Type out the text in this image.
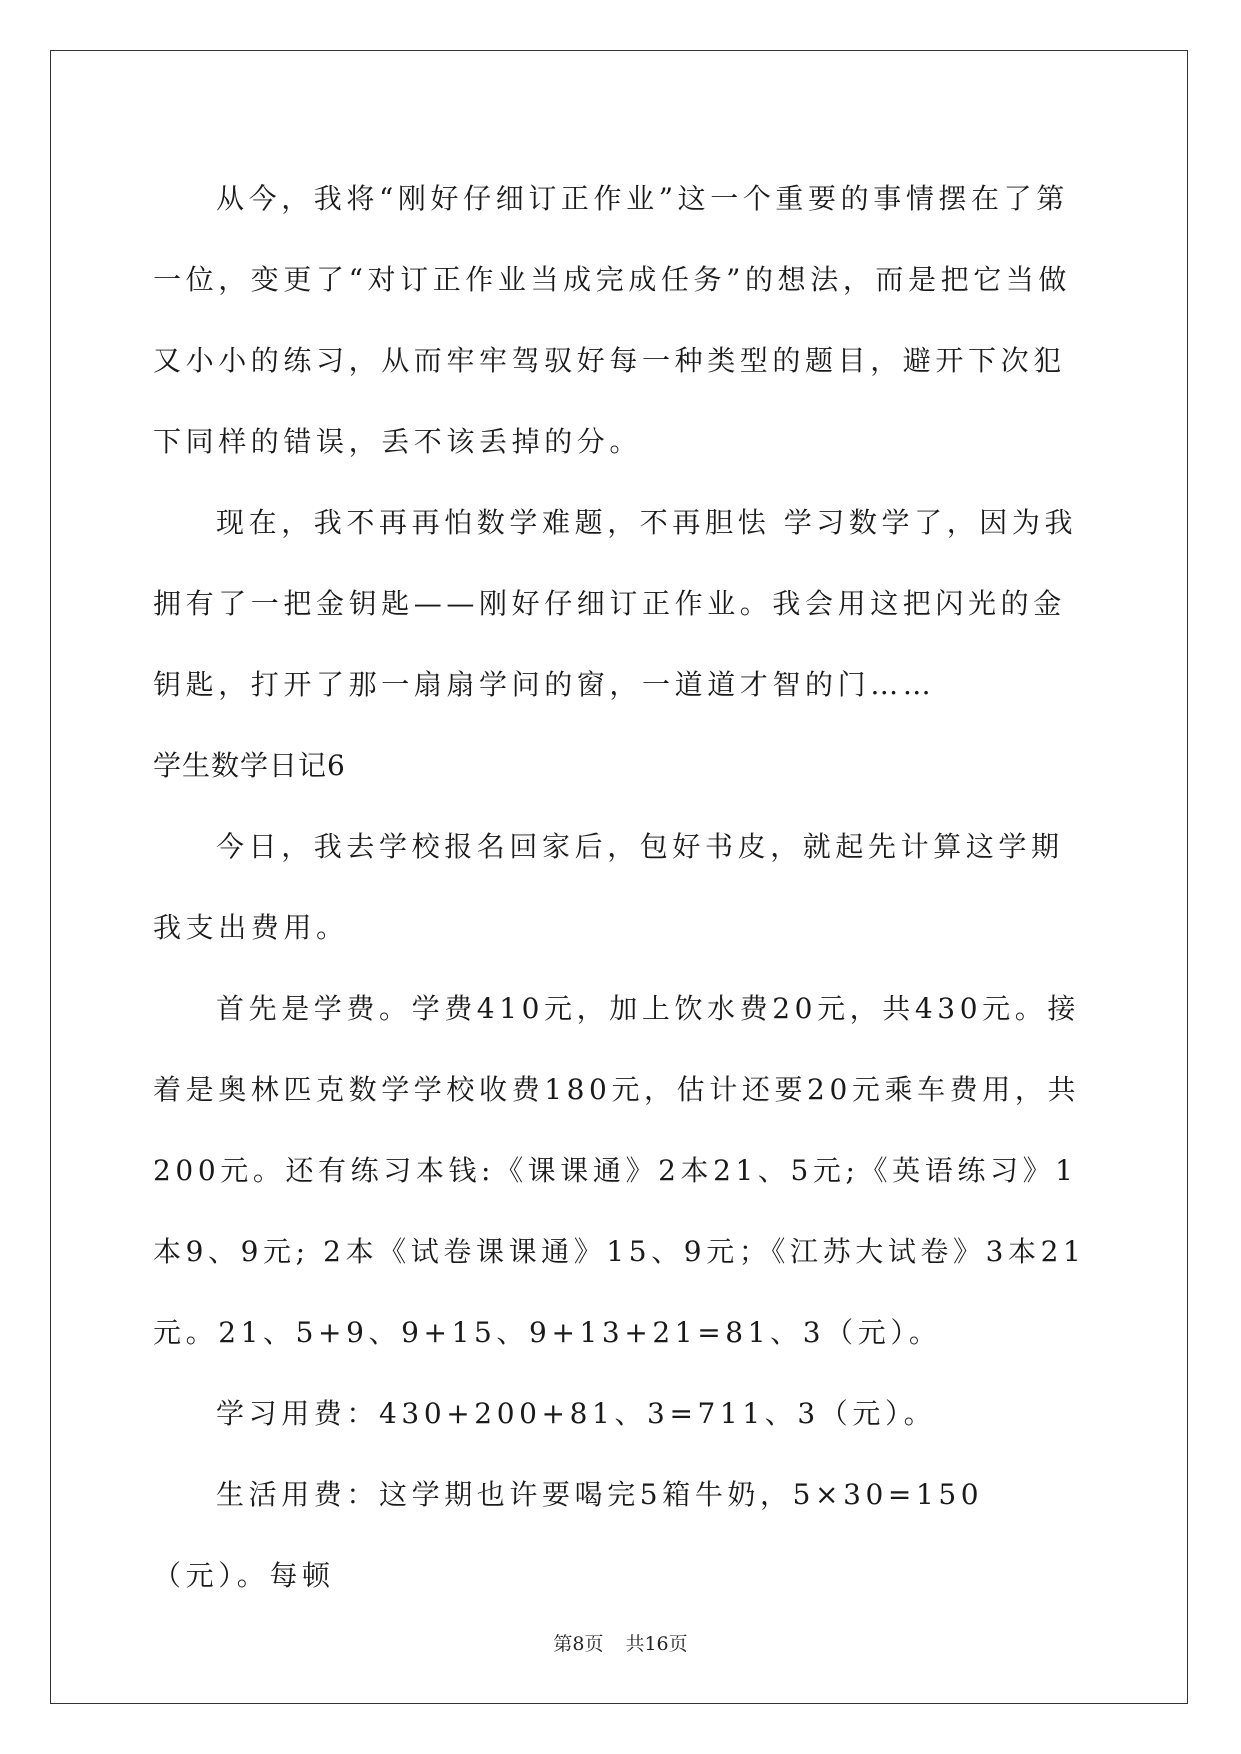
从今，我将“刚好仔细订正作业”这一个重要的事情摆在了第一位，变更了“对订正作业当成完成任务”的想法，而是把它当做又小小的练习，从而牢牢驾驭好每一种类型的题目，避开下次犯下同样的错误，丢不该丢掉的分。

现在，我不再再怕数学难题，不再胆怯 学习数学了，因为我拥有了一把金钥匙——刚好仔细订正作业。我会用这把闪光的金钥匙，打开了那一扇扇学问的窗，一道道才智的门……

学生数学日记6

今日，我去学校报名回家后，包好书皮，就起先计算这学期我支出费用。

首先是学费。学费410元，加上饮水费20元，共430元。接着是奥林匹克数学学校收费180元，估计还要20元乘车费用，共200元。还有练习本钱:《课课通》2本21、5元;《英语练习》1本9、9元; 2本《试卷课课通》15、9元；《江苏大试卷》3本21元。21、5+9、9+15、9+13+21=81、3（元）。

学习用费：430+200+81、3=711、3（元）。

生活用费：这学期也许要喝完5箱牛奶，5×30=150（元）。每顿

第8页 共16页
